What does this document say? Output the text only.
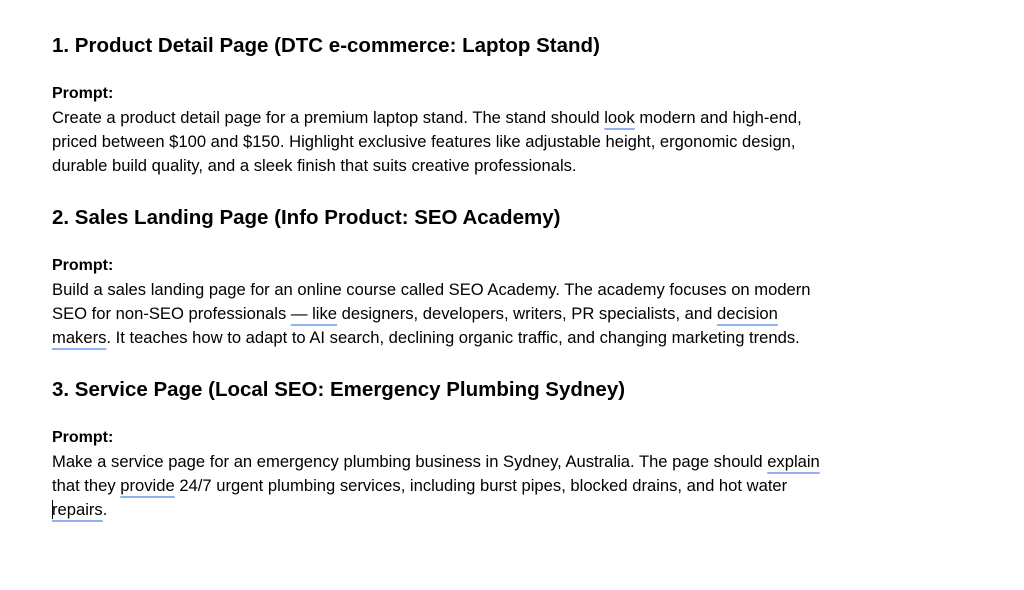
1. Product Detail Page (DTC e-commerce: Laptop Stand)

Prompt:

Create a product detail page for a premium laptop stand. The stand should look modern and high-end,

priced between $100 and $150. Highlight exclusive features like adjustable height, ergonomic design,

durable build quality, and a sleek finish that suits creative professionals.

2. Sales Landing Page (Info Product: SEO Academy)

Prompt:

Build a sales landing page for an online course called SEO Academy. The academy focuses on modern

SEO for non-SEO professionals — like designers, developers, writers, PR specialists, and decision

makers. It teaches how to adapt to AI search, declining organic traffic, and changing marketing trends.

3. Service Page (Local SEO: Emergency Plumbing Sydney)

Prompt:

Make a service page for an emergency plumbing business in Sydney, Australia. The page should explain

that they provide 24/7 urgent plumbing services, including burst pipes, blocked drains, and hot water

repairs.
